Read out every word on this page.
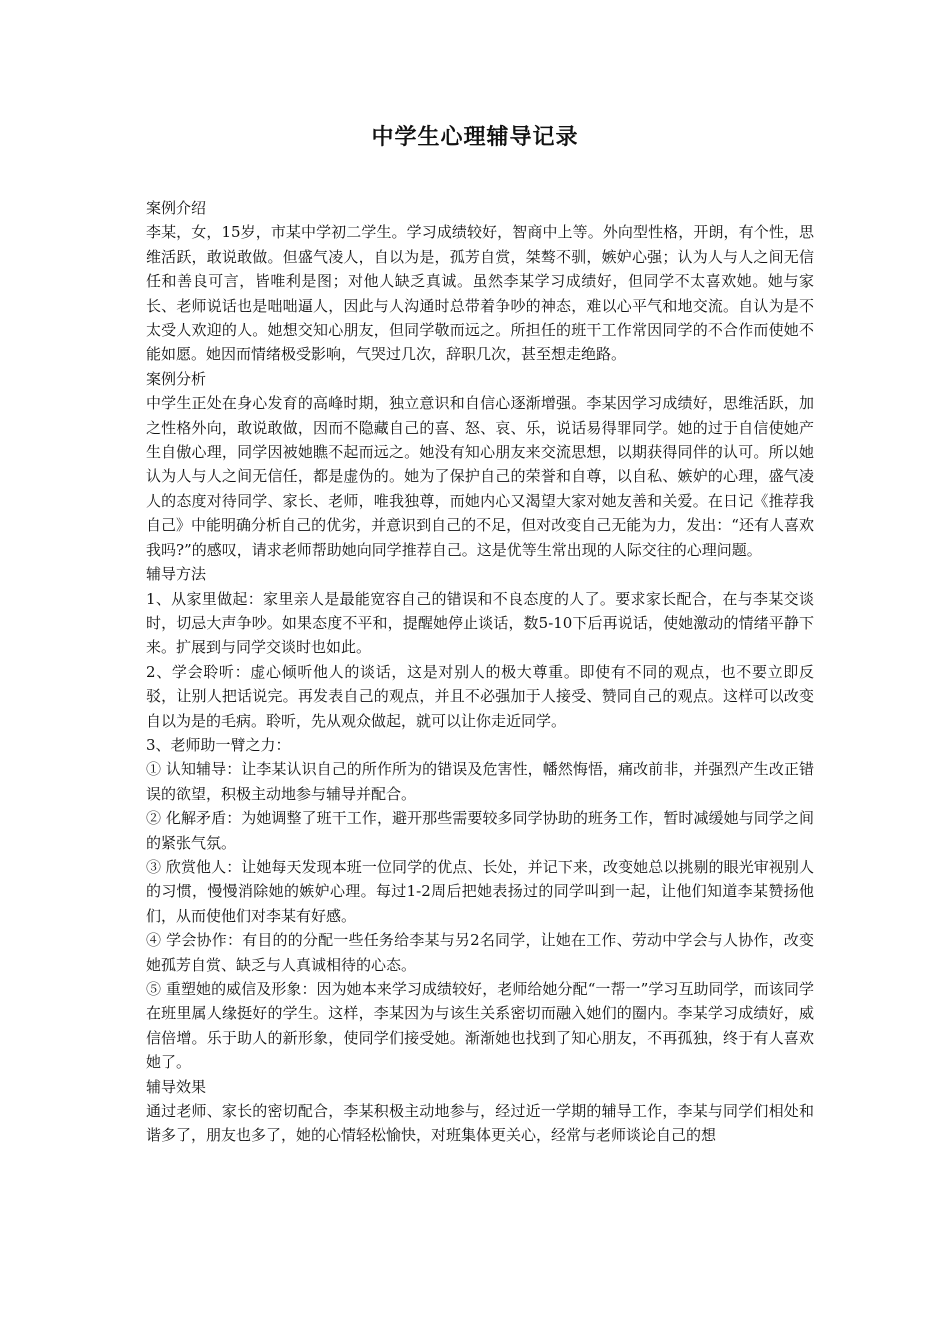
中学生心理辅导记录

案例介绍

李某，女，15岁，市某中学初二学生。学习成绩较好，智商中上等。外向型性格，开朗，有个性，思维活跃，敢说敢做。但盛气凌人，自以为是，孤芳自赏，桀骜不驯，嫉妒心强；认为人与人之间无信任和善良可言，皆唯利是图；对他人缺乏真诚。虽然李某学习成绩好，但同学不太喜欢她。她与家长、老师说话也是咄咄逼人，因此与人沟通时总带着争吵的神态，难以心平气和地交流。自认为是不太受人欢迎的人。她想交知心朋友，但同学敬而远之。所担任的班干工作常因同学的不合作而使她不能如愿。她因而情绪极受影响，气哭过几次，辞职几次，甚至想走绝路。

案例分析

中学生正处在身心发育的高峰时期，独立意识和自信心逐渐增强。李某因学习成绩好，思维活跃，加之性格外向，敢说敢做，因而不隐藏自己的喜、怒、哀、乐，说话易得罪同学。她的过于自信使她产生自傲心理，同学因被她瞧不起而远之。她没有知心朋友来交流思想，以期获得同伴的认可。所以她认为人与人之间无信任，都是虚伪的。她为了保护自己的荣誉和自尊，以自私、嫉妒的心理，盛气凌人的态度对待同学、家长、老师，唯我独尊，而她内心又渴望大家对她友善和关爱。在日记《推荐我自己》中能明确分析自己的优劣，并意识到自己的不足，但对改变自己无能为力，发出：“还有人喜欢我吗?”的感叹，请求老师帮助她向同学推荐自己。这是优等生常出现的人际交往的心理问题。

辅导方法

1、从家里做起：家里亲人是最能宽容自己的错误和不良态度的人了。要求家长配合，在与李某交谈时，切忌大声争吵。如果态度不平和，提醒她停止谈话，数5-10下后再说话，使她激动的情绪平静下来。扩展到与同学交谈时也如此。

2、学会聆听：虚心倾听他人的谈话，这是对别人的极大尊重。即使有不同的观点，也不要立即反驳，让别人把话说完。再发表自己的观点，并且不必强加于人接受、赞同自己的观点。这样可以改变自以为是的毛病。聆听，先从观众做起，就可以让你走近同学。

3、老师助一臂之力：

① 认知辅导：让李某认识自己的所作所为的错误及危害性，幡然悔悟，痛改前非，并强烈产生改正错误的欲望，积极主动地参与辅导并配合。

② 化解矛盾：为她调整了班干工作，避开那些需要较多同学协助的班务工作，暂时减缓她与同学之间的紧张气氛。

③ 欣赏他人：让她每天发现本班一位同学的优点、长处，并记下来，改变她总以挑剔的眼光审视别人的习惯，慢慢消除她的嫉妒心理。每过1-2周后把她表扬过的同学叫到一起，让他们知道李某赞扬他们，从而使他们对李某有好感。

④ 学会协作：有目的的分配一些任务给李某与另2名同学，让她在工作、劳动中学会与人协作，改变她孤芳自赏、缺乏与人真诚相待的心态。

⑤ 重塑她的威信及形象：因为她本来学习成绩较好，老师给她分配“一帮一”学习互助同学，而该同学在班里属人缘挺好的学生。这样，李某因为与该生关系密切而融入她们的圈内。李某学习成绩好，威信倍增。乐于助人的新形象，使同学们接受她。渐渐她也找到了知心朋友，不再孤独，终于有人喜欢她了。

辅导效果

通过老师、家长的密切配合，李某积极主动地参与，经过近一学期的辅导工作，李某与同学们相处和谐多了，朋友也多了，她的心情轻松愉快，对班集体更关心，经常与老师谈论自己的想
